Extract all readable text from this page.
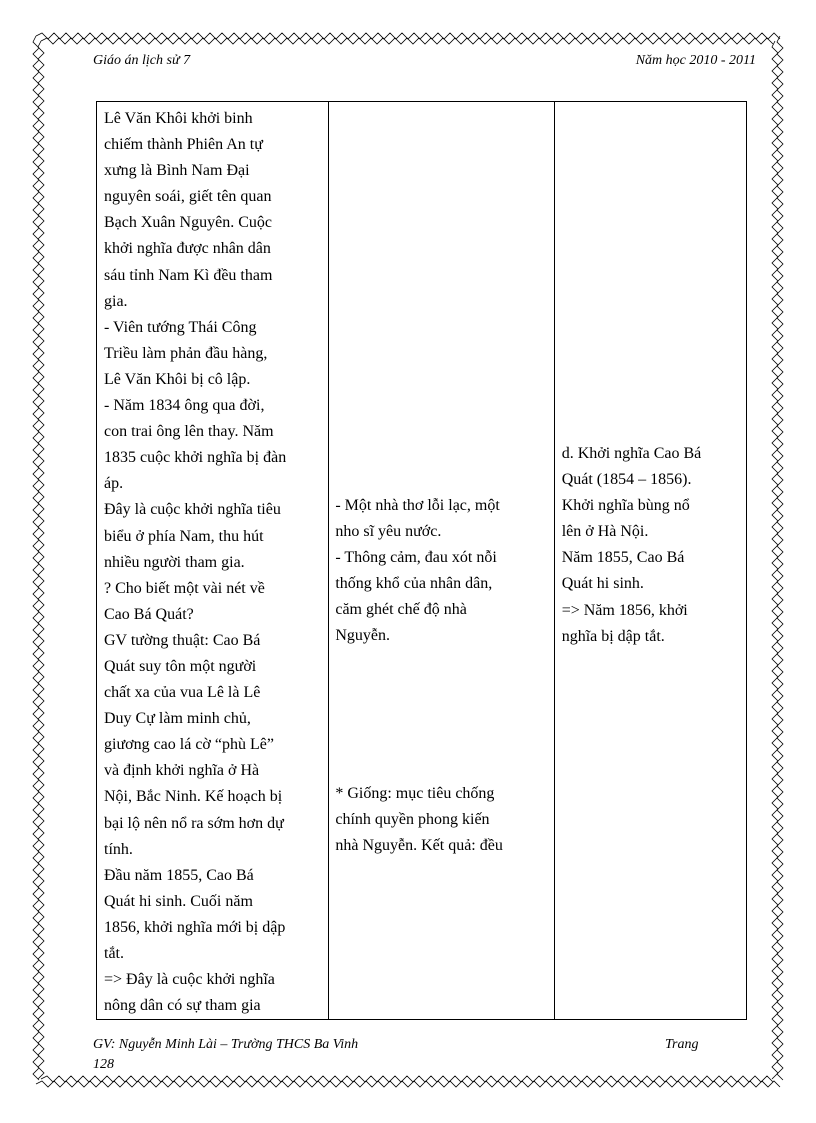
Giáo án lịch sử 7	Năm học 2010 - 2011
Lê Văn Khôi khởi binh
chiếm thành Phiên An tự
xưng là Bình Nam Đại
nguyên soái, giết tên quan
Bạch Xuân Nguyên. Cuộc
khởi nghĩa được nhân dân
sáu tỉnh Nam Kì đều tham
gia.
- Viên tướng Thái Công
Triều làm phản đầu hàng,
Lê Văn Khôi bị cô lập.
- Năm 1834 ông qua đời,
con trai ông lên thay. Năm
1835 cuộc khởi nghĩa bị đàn
áp.
Đây là cuộc khởi nghĩa tiêu
biểu ở phía Nam, thu hút
nhiều người tham gia.
? Cho biết một vài nét về
Cao Bá Quát?
GV tường thuật: Cao Bá
Quát suy tôn một người
chất xa của vua Lê là Lê
Duy Cự làm minh chủ,
giương cao lá cờ “phù Lê”
và định khởi nghĩa ở Hà
Nội, Bắc Ninh. Kế hoạch bị
bại lộ nên nổ ra sớm hơn dự
tính.
Đầu năm 1855, Cao Bá
Quát hi sinh. Cuối năm
1856, khởi nghĩa mới bị dập
tắt.
=> Đây là cuộc khởi nghĩa
nông dân có sự tham gia

- Một nhà thơ lỗi lạc, một
nho sĩ yêu nước.
- Thông cảm, đau xót nỗi
thống khổ của nhân dân,
căm ghét chế độ nhà
Nguyễn.
* Giống: mục tiêu chống
chính quyền phong kiến
nhà Nguyễn. Kết quả: đều

d. Khởi nghĩa Cao Bá
Quát (1854 – 1856).
Khởi nghĩa bùng nổ
lên ở Hà Nội.
Năm 1855, Cao Bá
Quát hi sinh.
=> Năm 1856, khởi
nghĩa bị dập tắt.
GV: Nguyễn Minh Lài – Trường THCS Ba Vinh	Trang
128
